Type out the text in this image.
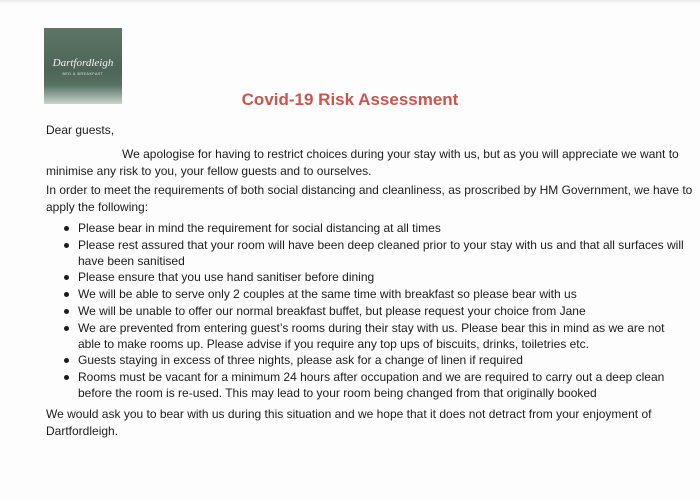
Dartfordleigh
BED & BREAKFAST
Covid-19 Risk Assessment
Dear guests,
We apologise for having to restrict choices during your stay with us, but as you will appreciate we want to
minimise any risk to you, your fellow guests and to ourselves.
In order to meet the requirements of both social distancing and cleanliness, as proscribed by HM Government, we have to
apply the following:
Please bear in mind the requirement for social distancing at all times
Please rest assured that your room will have been deep cleaned prior to your stay with us and that all surfaces will
have been sanitised
Please ensure that you use hand sanitiser before dining
We will be able to serve only 2 couples at the same time with breakfast so please bear with us
We will be unable to offer our normal breakfast buffet, but please request your choice from Jane
We are prevented from entering guest’s rooms during their stay with us. Please bear this in mind as we are not
able to make rooms up. Please advise if you require any top ups of biscuits, drinks, toiletries etc.
Guests staying in excess of three nights, please ask for a change of linen if required
Rooms must be vacant for a minimum 24 hours after occupation and we are required to carry out a deep clean
before the room is re-used. This may lead to your room being changed from that originally booked
We would ask you to bear with us during this situation and we hope that it does not detract from your enjoyment of
Dartfordleigh.
